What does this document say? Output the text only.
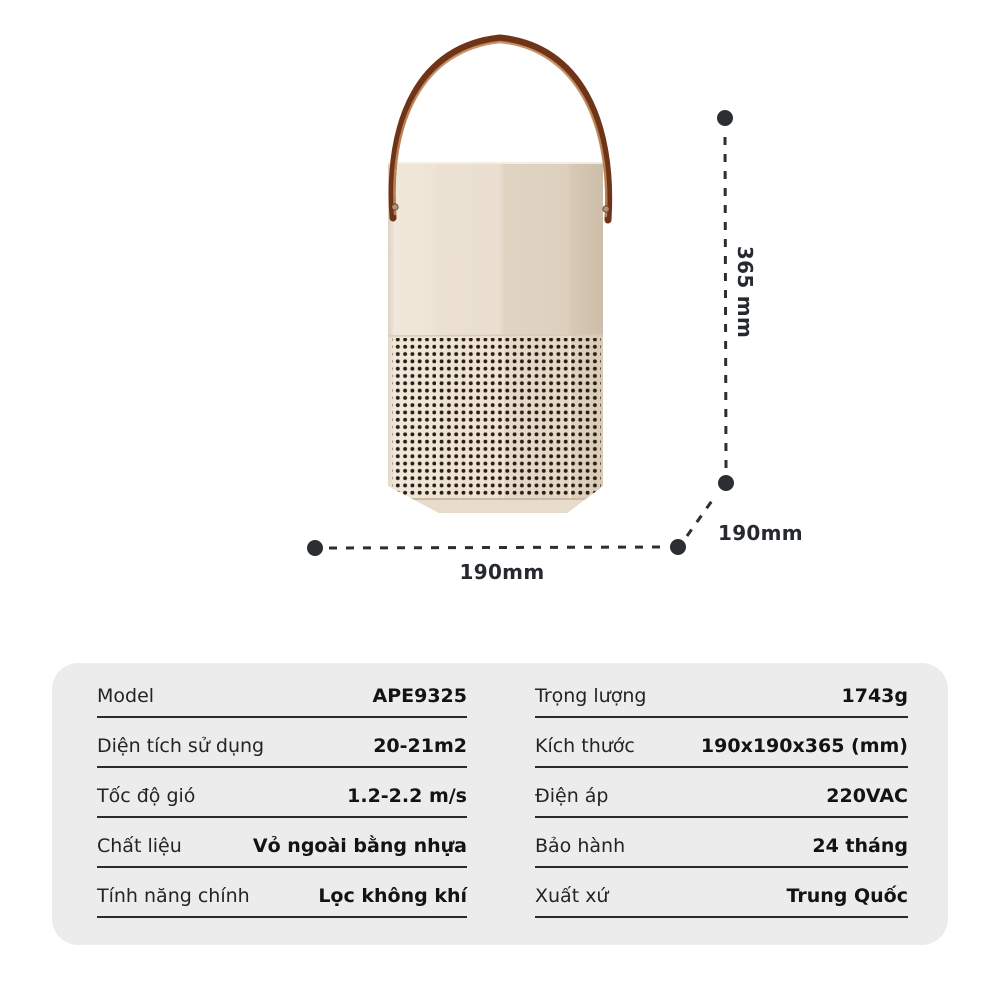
365 mm
190mm
190mm
Model	APE9325
Diện tích sử dụng	20-21m2
Tốc độ gió	1.2-2.2 m/s
Chất liệu	Vỏ ngoài bằng nhựa
Tính năng chính	Lọc không khí
Trọng lượng	1743g
Kích thước	190x190x365 (mm)
Điện áp	220VAC
Bảo hành	24 tháng
Xuất xứ	Trung Quốc
